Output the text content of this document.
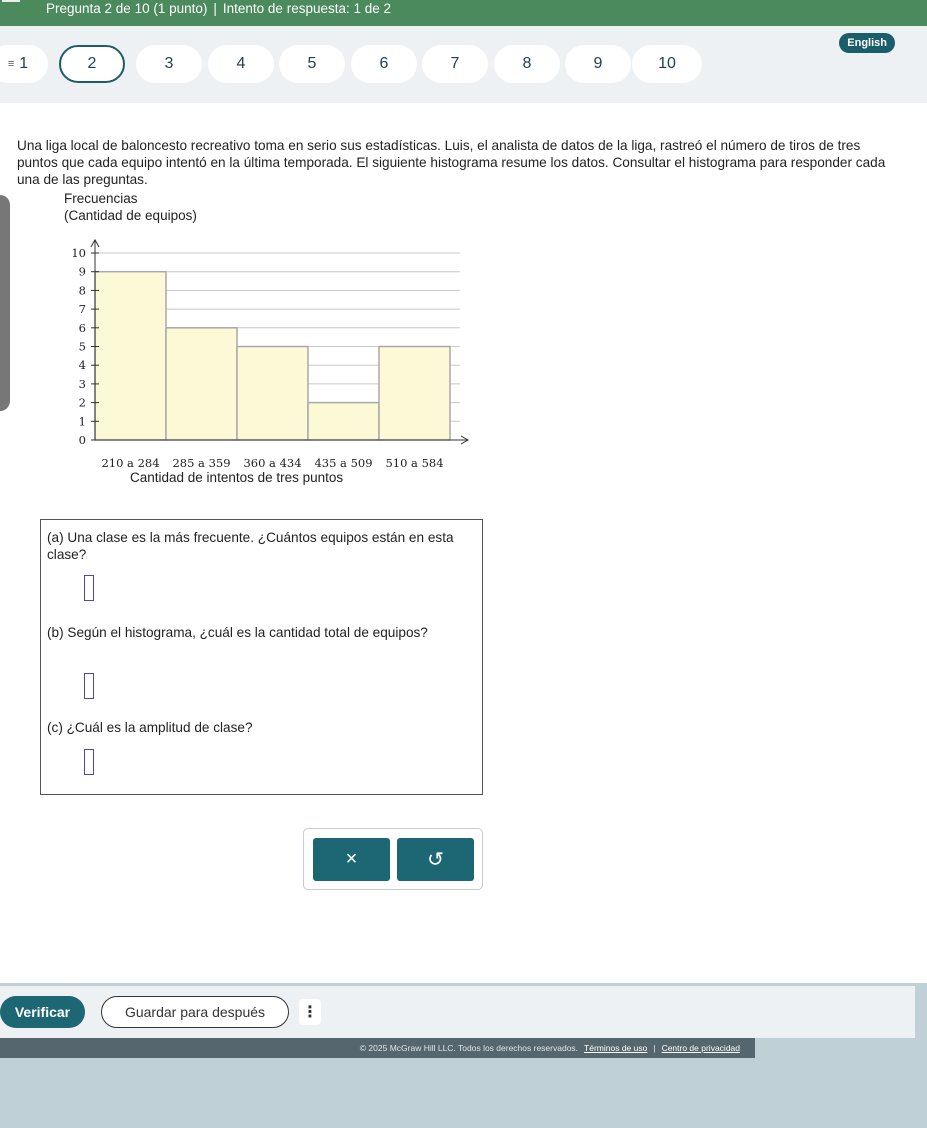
Pregunta 2 de 10 (1 punto) | Intento de respuesta: 1 de 2
≡ 1	2	3	4	5	6	7	8	9	10
English
Una liga local de baloncesto recreativo toma en serio sus estadísticas. Luis, el analista de datos de la liga, rastreó el número de tiros de tres puntos que cada equipo intentó en la última temporada. El siguiente histograma resume los datos. Consultar el histograma para responder cada una de las preguntas.
Frecuencias
(Cantidad de equipos)
0
1
2
3
4
5
6
7
8
9
10
210 a 284 285 a 359 360 a 434 435 a 509 510 a 584
Cantidad de intentos de tres puntos
(a) Una clase es la más frecuente. ¿Cuántos equipos están en esta clase?
(b) Según el histograma, ¿cuál es la cantidad total de equipos?
(c) ¿Cuál es la amplitud de clase?
×	↺
Verificar	Guardar para después	⋮
© 2025 McGraw Hill LLC. Todos los derechos reservados. Términos de uso | Centro de privacidad
